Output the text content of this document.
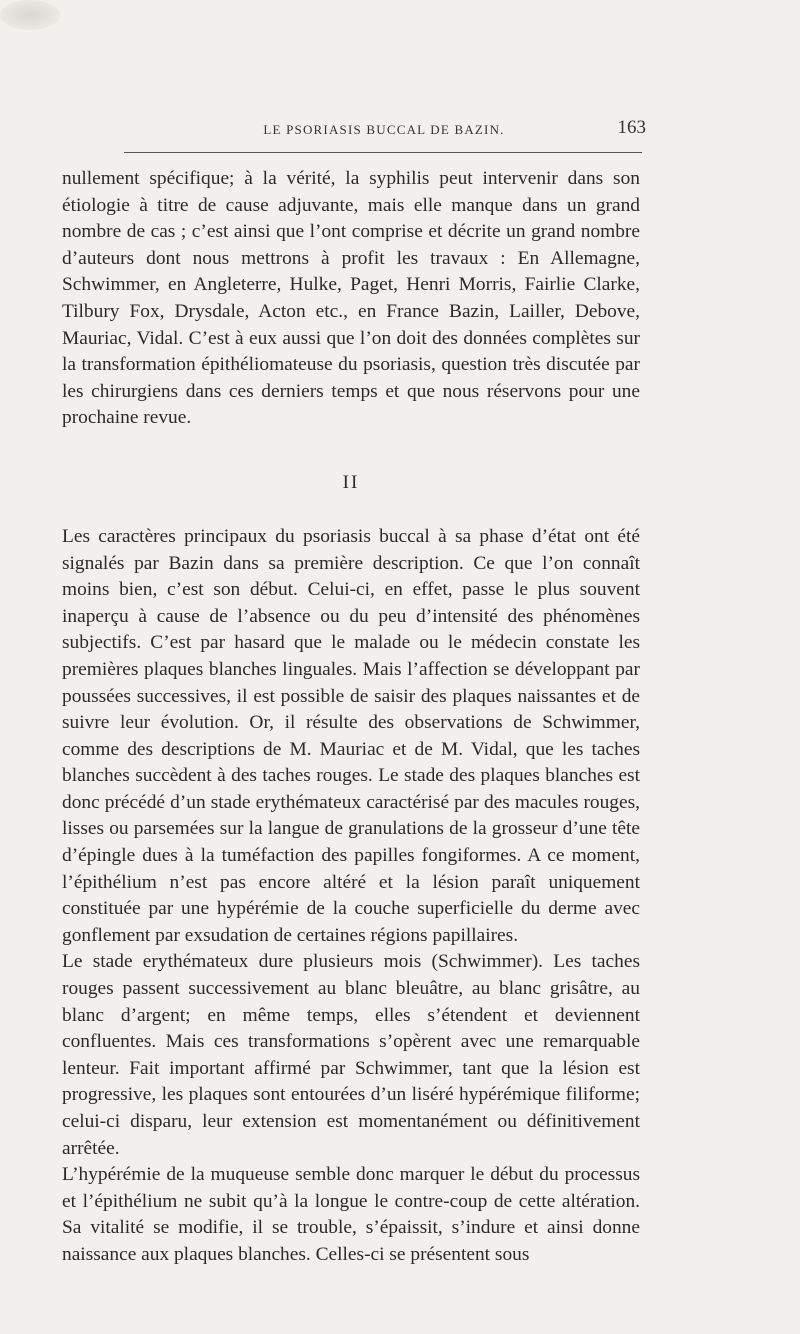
LE PSORIASIS BUCCAL DE BAZIN.	163

nullement spécifique; à la vérité, la syphilis peut intervenir dans son étiologie à titre de cause adjuvante, mais elle manque dans un grand nombre de cas ; c’est ainsi que l’ont comprise et décrite un grand nombre d’auteurs dont nous mettrons à profit les travaux : En Allemagne, Schwimmer, en Angleterre, Hulke, Paget, Henri Morris, Fairlie Clarke, Tilbury Fox, Drysdale, Acton etc., en France Bazin, Lailler, Debove, Mauriac, Vidal. C’est à eux aussi que l’on doit des données complètes sur la transformation épithéliomateuse du psoriasis, question très discutée par les chirurgiens dans ces derniers temps et que nous réservons pour une prochaine revue.

II

Les caractères principaux du psoriasis buccal à sa phase d’état ont été signalés par Bazin dans sa première description. Ce que l’on connaît moins bien, c’est son début. Celui-ci, en effet, passe le plus souvent inaperçu à cause de l’absence ou du peu d’intensité des phénomènes subjectifs. C’est par hasard que le malade ou le médecin constate les premières plaques blanches linguales. Mais l’affection se développant par poussées successives, il est possible de saisir des plaques naissantes et de suivre leur évolution. Or, il résulte des observations de Schwimmer, comme des descriptions de M. Mauriac et de M. Vidal, que les taches blanches succèdent à des taches rouges. Le stade des plaques blanches est donc précédé d’un stade erythémateux caractérisé par des macules rouges, lisses ou parsemées sur la langue de granulations de la grosseur d’une tête d’épingle dues à la tuméfaction des papilles fongiformes. A ce moment, l’épithélium n’est pas encore altéré et la lésion paraît uniquement constituée par une hypérémie de la couche superficielle du derme avec gonflement par exsudation de certaines régions papillaires.

Le stade erythémateux dure plusieurs mois (Schwimmer). Les taches rouges passent successivement au blanc bleuâtre, au blanc grisâtre, au blanc d’argent; en même temps, elles s’étendent et deviennent confluentes. Mais ces transformations s’opèrent avec une remarquable lenteur. Fait important affirmé par Schwimmer, tant que la lésion est progressive, les plaques sont entourées d’un liséré hypérémique filiforme; celui-ci disparu, leur extension est momentanément ou définitivement arrêtée.

L’hypérémie de la muqueuse semble donc marquer le début du processus et l’épithélium ne subit qu’à la longue le contre-coup de cette altération. Sa vitalité se modifie, il se trouble, s’épaissit, s’indure et ainsi donne naissance aux plaques blanches. Celles-ci se présentent sous
